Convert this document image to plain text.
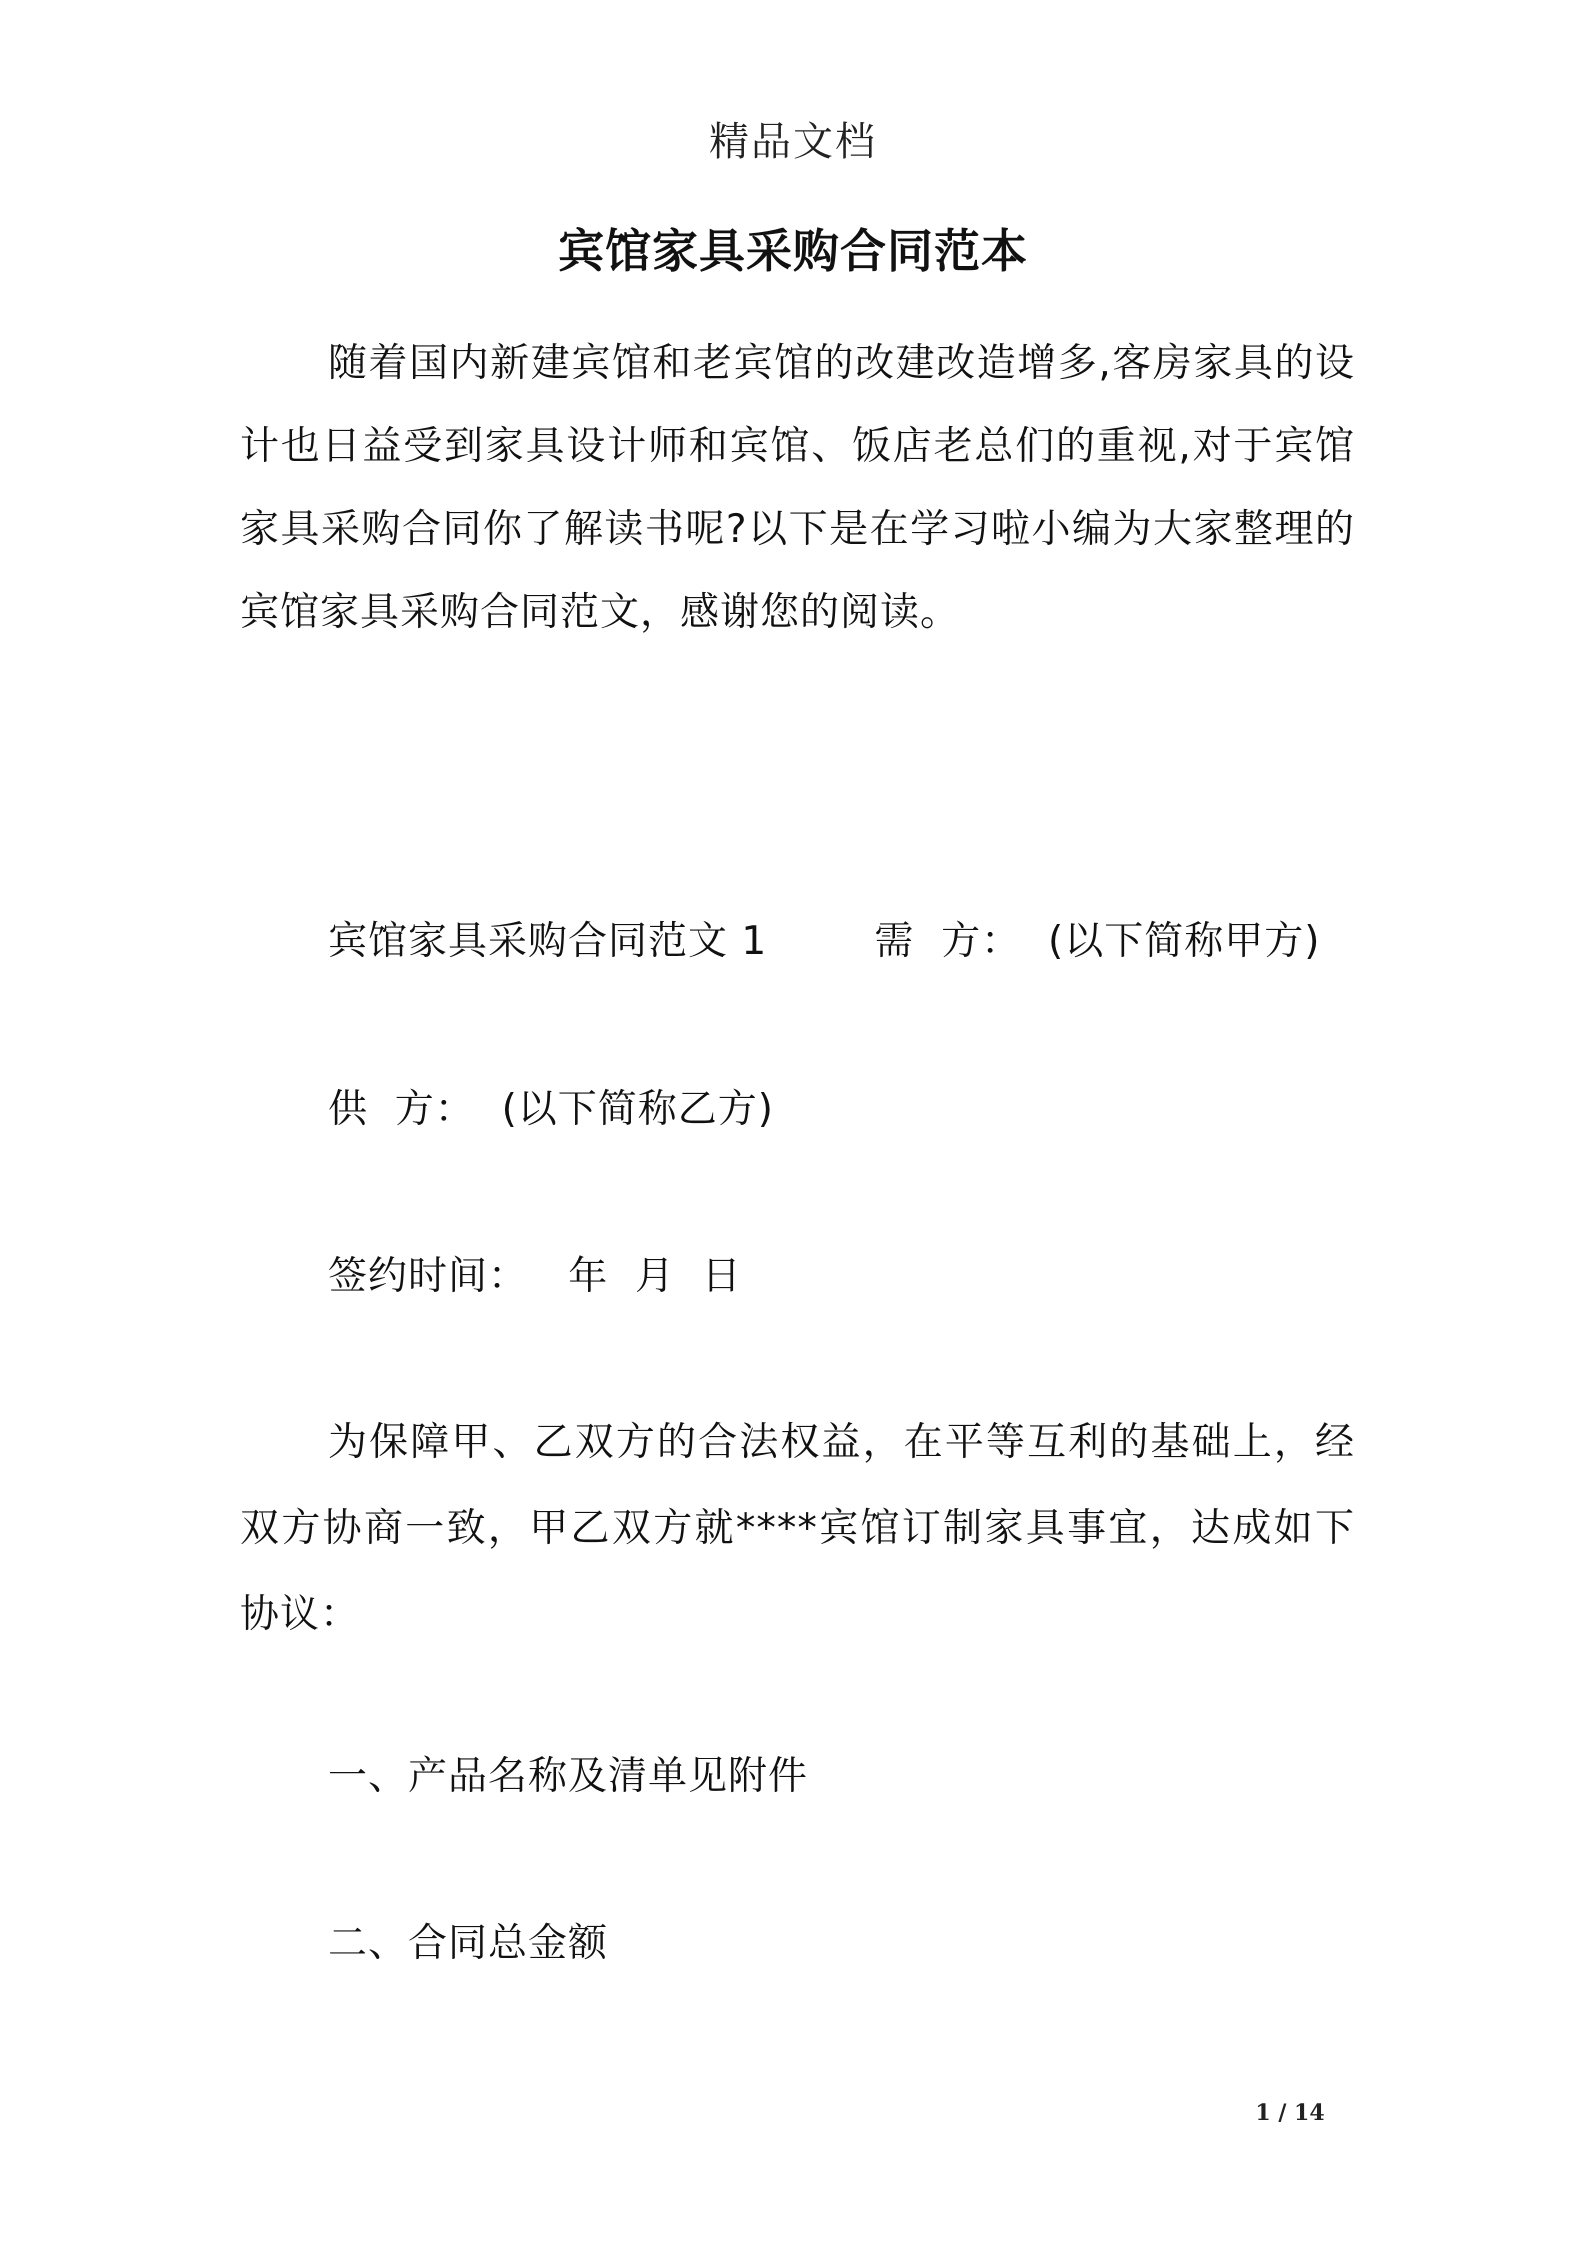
精品文档
宾馆家具采购合同范本

随着国内新建宾馆和老宾馆的改建改造增多,客房家具的设计也日益受到家具设计师和宾馆、饭店老总们的重视,对于宾馆家具采购合同你了解读书呢?以下是在学习啦小编为大家整理的宾馆家具采购合同范文，感谢您的阅读。

宾馆家具采购合同范文 1        需  方：  (以下简称甲方)
供  方：  (以下简称乙方)
签约时间：   年  月  日

为保障甲、乙双方的合法权益，在平等互利的基础上，经双方协商一致，甲乙双方就****宾馆订制家具事宜，达成如下协议：

一、产品名称及清单见附件
二、合同总金额
1 / 14
